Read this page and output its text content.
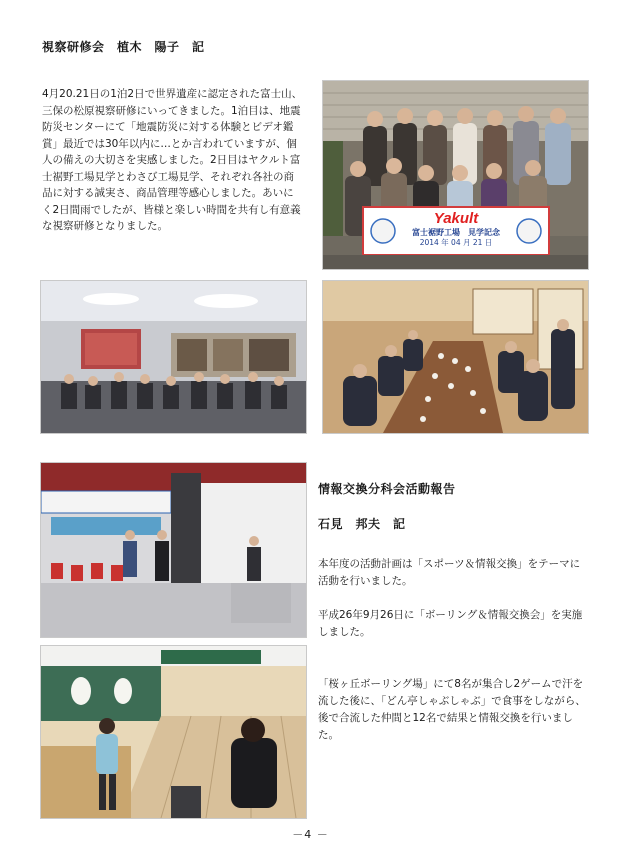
視察研修会　植木　陽子　記

4月20.21日の1泊2日で世界遺産に認定された富士山、三保の松原視察研修にいってきました。1泊目は、地震防災センターにて「地震防災に対する体験とビデオ鑑賞」最近では30年以内に…とか言われていますが、個人の備えの大切さを実感しました。2日目はヤクルト富士裾野工場見学とわさび工場見学、それぞれ各社の商品に対する誠実さ、商品管理等感心しました。あいにく2日間雨でしたが、皆様と楽しい時間を共有し有意義な視察研修となりました。	Yakult
富士裾野工場　見学記念
2014 年 04 月 21 日
情報交換分科会活動報告
石見　邦夫　記

本年度の活動計画は「スポーツ＆情報交換」をテーマに活動を行いました。

平成26年9月26日に「ボーリング＆情報交換会」を実施しました。

「桜ヶ丘ボーリング場」にて8名が集合し2ゲームで汗を流した後に、「どん亭しゃぶしゃぶ」で食事をしながら、後で合流した仲間と12名で結果と情報交換を行いました。

－4 －
